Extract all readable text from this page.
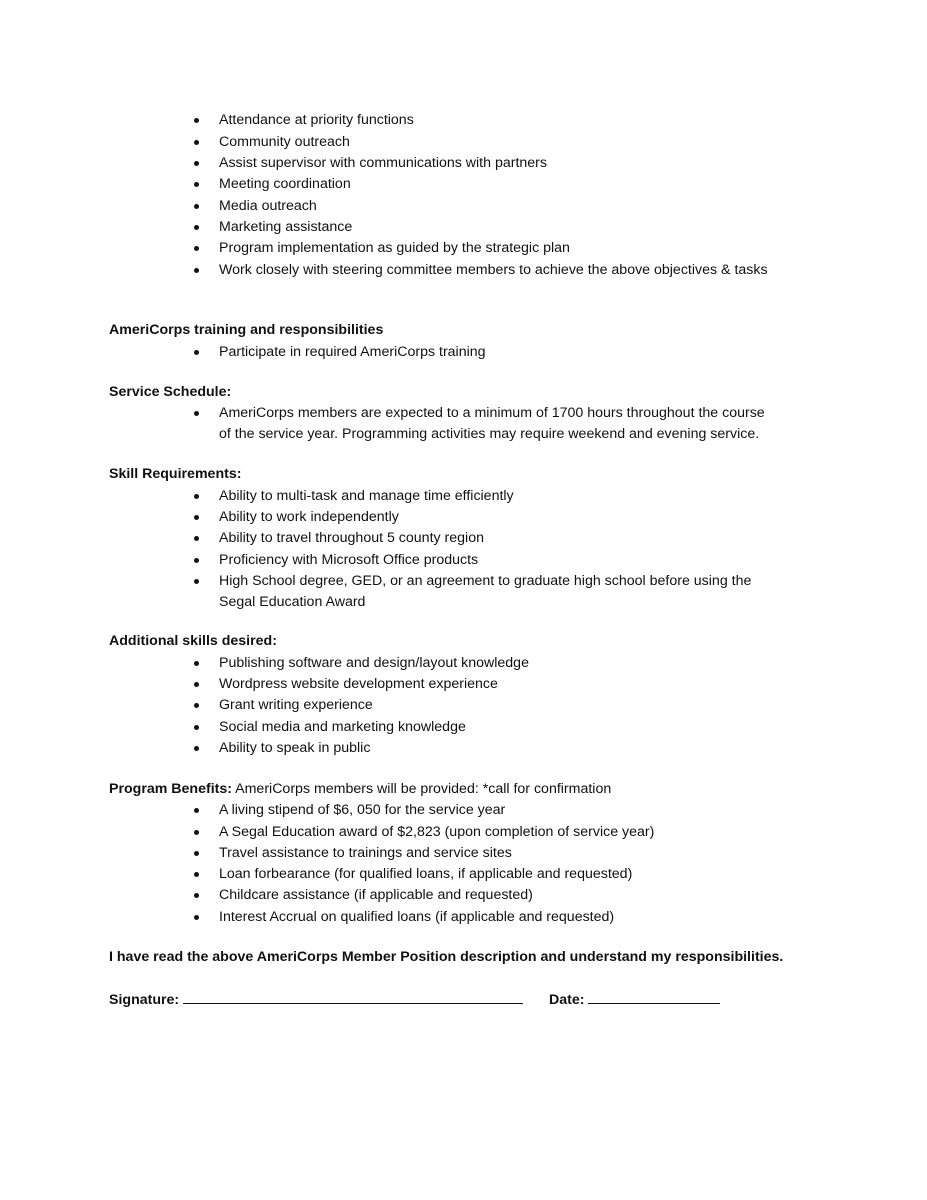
Attendance at priority functions
Community outreach
Assist supervisor with communications with partners
Meeting coordination
Media outreach
Marketing assistance
Program implementation as guided by the strategic plan
Work closely with steering committee members to achieve the above objectives & tasks
AmeriCorps training and responsibilities
Participate in required AmeriCorps training
Service Schedule:
AmeriCorps members are expected to a minimum of 1700 hours throughout the course
of the service year. Programming activities may require weekend and evening service.
Skill Requirements:
Ability to multi-task and manage time efficiently
Ability to work independently
Ability to travel throughout 5 county region
Proficiency with Microsoft Office products
High School degree, GED, or an agreement to graduate high school before using the
Segal Education Award
Additional skills desired:
Publishing software and design/layout knowledge
Wordpress website development experience
Grant writing experience
Social media and marketing knowledge
Ability to speak in public
Program Benefits: AmeriCorps members will be provided: *call for confirmation
A living stipend of $6, 050 for the service year
A Segal Education award of $2,823 (upon completion of service year)
Travel assistance to trainings and service sites
Loan forbearance (for qualified loans, if applicable and requested)
Childcare assistance (if applicable and requested)
Interest Accrual on qualified loans (if applicable and requested)
I have read the above AmeriCorps Member Position description and understand my responsibilities.
Signature:	Date:
